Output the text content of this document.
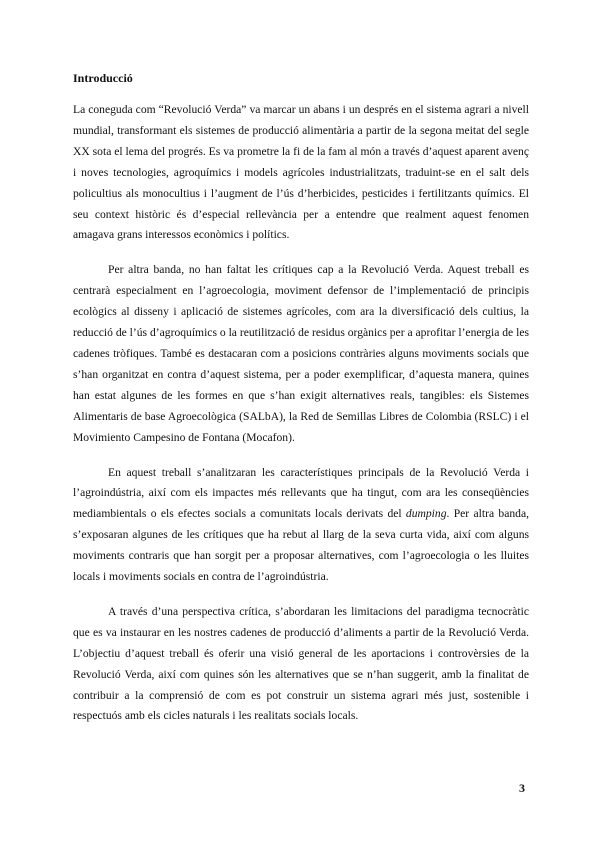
Introducció

La coneguda com “Revolució Verda” va marcar un abans i un després en el sistema agrari a nivell mundial, transformant els sistemes de producció alimentària a partir de la segona meitat del segle XX sota el lema del progrés. Es va prometre la fi de la fam al món a través d’aquest aparent avenç i noves tecnologies, agroquímics i models agrícoles industrialitzats, traduint-se en el salt dels policultius als monocultius i l’augment de l’ús d’herbicides, pesticides i fertilitzants químics. El seu context històric és d’especial rellevància per a entendre que realment aquest fenomen amagava grans interessos econòmics i polítics.

Per altra banda, no han faltat les crítiques cap a la Revolució Verda. Aquest treball es centrarà especialment en l’agroecologia, moviment defensor de l’implementació de principis ecològics al disseny i aplicació de sistemes agrícoles, com ara la diversificació dels cultius, la reducció de l’ús d’agroquímics o la reutilització de residus orgànics per a aprofitar l’energia de les cadenes tròfiques. També es destacaran com a posicions contràries alguns moviments socials que s’han organitzat en contra d’aquest sistema, per a poder exemplificar, d’aquesta manera, quines han estat algunes de les formes en que s’han exigit alternatives reals, tangibles: els Sistemes Alimentaris de base Agroecològica (SALbA), la Red de Semillas Libres de Colombia (RSLC) i el Movimiento Campesino de Fontana (Mocafon).

En aquest treball s’analitzaran les característiques principals de la Revolució Verda i l’agroindústria, així com els impactes més rellevants que ha tingut, com ara les conseqüències mediambientals o els efectes socials a comunitats locals derivats del dumping. Per altra banda, s’exposaran algunes de les crítiques que ha rebut al llarg de la seva curta vida, així com alguns moviments contraris que han sorgit per a proposar alternatives, com l’agroecologia o les lluites locals i moviments socials en contra de l’agroindústria.

A través d’una perspectiva crítica, s’abordaran les limitacions del paradigma tecnocràtic que es va instaurar en les nostres cadenes de producció d’aliments a partir de la Revolució Verda. L’objectiu d’aquest treball és oferir una visió general de les aportacions i controvèrsies de la Revolució Verda, així com quines són les alternatives que se n’han suggerit, amb la finalitat de contribuir a la comprensió de com es pot construir un sistema agrari més just, sostenible i respectuós amb els cicles naturals i les realitats socials locals.

3
